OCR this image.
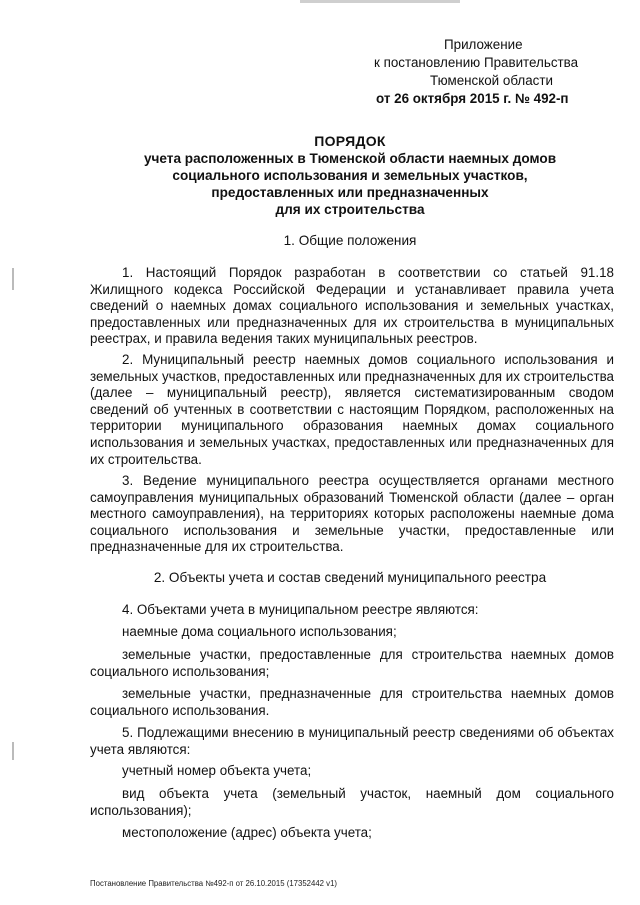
Приложение
к постановлению Правительства
Тюменской области
от 26 октября 2015 г. № 492-п
ПОРЯДОК
учета расположенных в Тюменской области наемных домов
социального использования и земельных участков,
предоставленных или предназначенных
для их строительства
1. Общие положения
1. Настоящий Порядок разработан в соответствии со статьей 91.18 Жилищного кодекса Российской Федерации и устанавливает правила учета сведений о наемных домах социального использования и земельных участках, предоставленных или предназначенных для их строительства в муниципальных реестрах, и правила ведения таких муниципальных реестров.
2. Муниципальный реестр наемных домов социального использования и земельных участков, предоставленных или предназначенных для их строительства (далее – муниципальный реестр), является систематизированным сводом сведений об учтенных в соответствии с настоящим Порядком, расположенных на территории муниципального образования наемных домах социального использования и земельных участках, предоставленных или предназначенных для их строительства.
3. Ведение муниципального реестра осуществляется органами местного самоуправления муниципальных образований Тюменской области (далее – орган местного самоуправления), на территориях которых расположены наемные дома социального использования и земельные участки, предоставленные или предназначенные для их строительства.
2. Объекты учета и состав сведений муниципального реестра
4. Объектами учета в муниципальном реестре являются:
наемные дома социального использования;
земельные участки, предоставленные для строительства наемных домов социального использования;
земельные участки, предназначенные для строительства наемных домов социального использования.
5. Подлежащими внесению в муниципальный реестр сведениями об объектах учета являются:
учетный номер объекта учета;
вид объекта учета (земельный участок, наемный дом социального использования);
местоположение (адрес) объекта учета;
Постановление Правительства №492-п от 26.10.2015 (17352442 v1)
